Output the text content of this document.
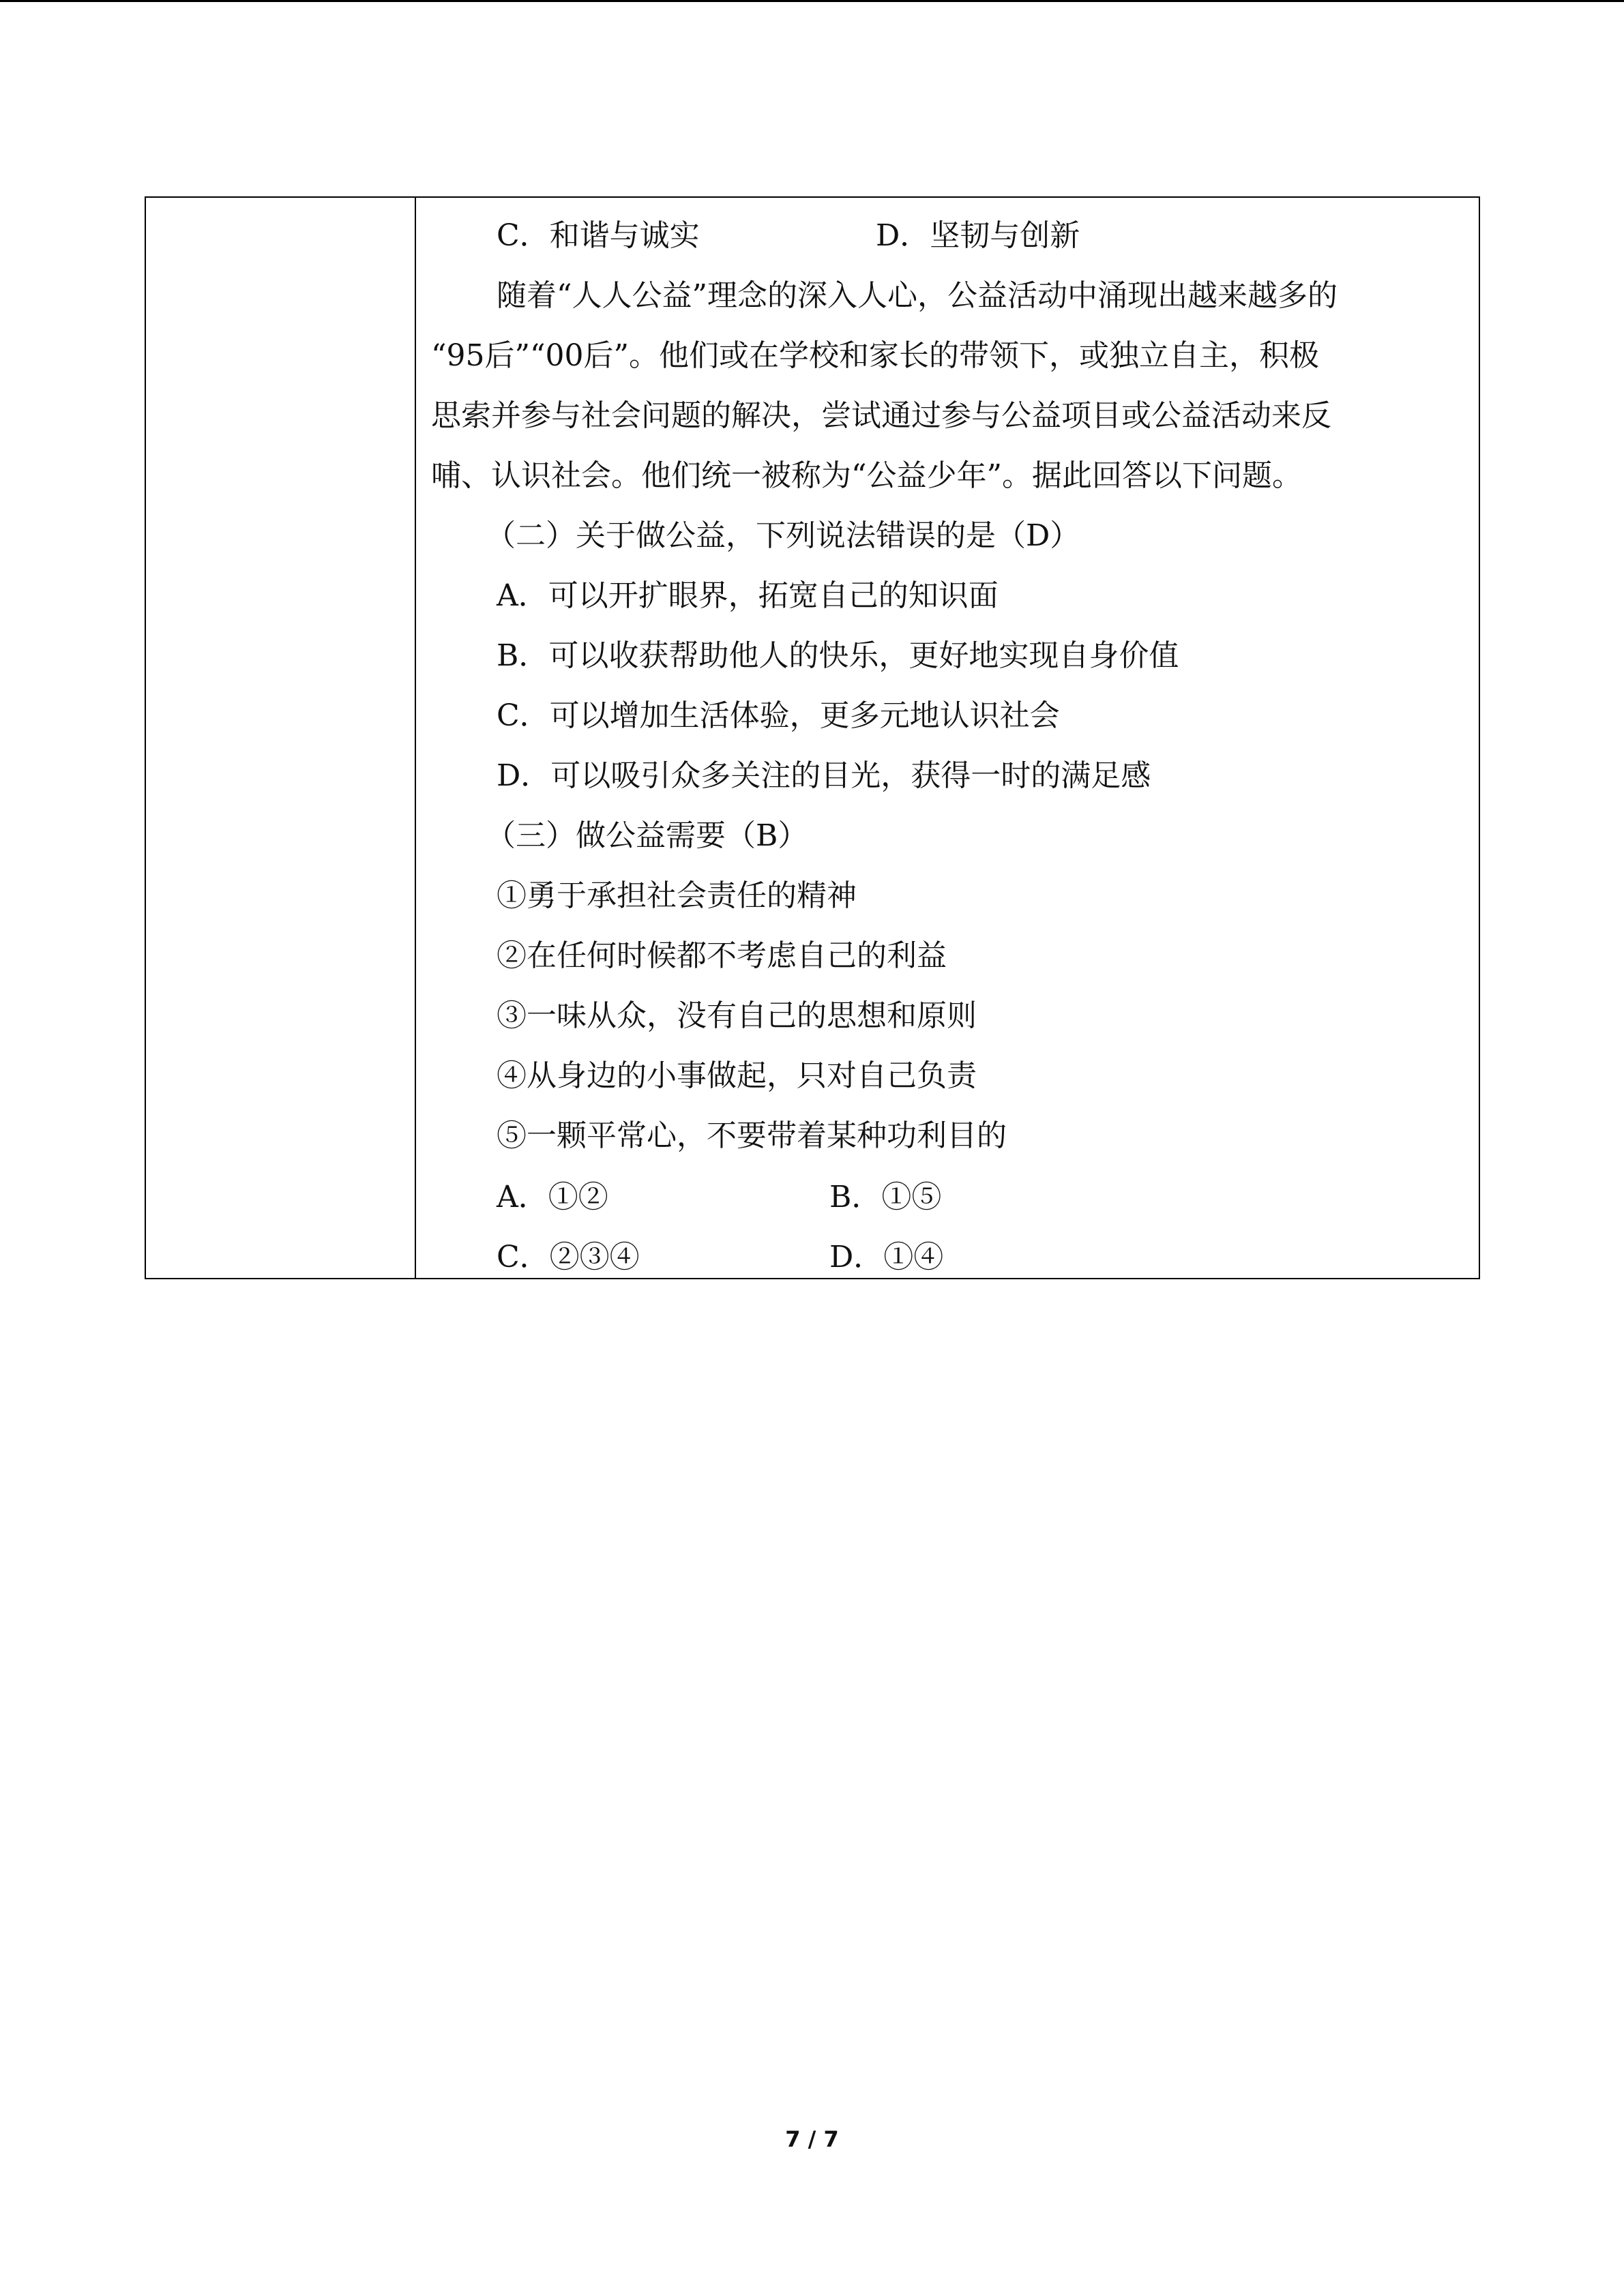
C．和谐与诚实	D．坚韧与创新
随着“人人公益”理念的深入人心，公益活动中涌现出越来越多的
“95后”“00后”。他们或在学校和家长的带领下，或独立自主，积极
思索并参与社会问题的解决，尝试通过参与公益项目或公益活动来反
哺、认识社会。他们统一被称为“公益少年”。据此回答以下问题。
（二）关于做公益，下列说法错误的是（D）
A．可以开扩眼界，拓宽自己的知识面
B．可以收获帮助他人的快乐，更好地实现自身价值
C．可以增加生活体验，更多元地认识社会
D．可以吸引众多关注的目光，获得一时的满足感
（三）做公益需要（B）
①勇于承担社会责任的精神
②在任何时候都不考虑自己的利益
③一味从众，没有自己的思想和原则
④从身边的小事做起，只对自己负责
⑤一颗平常心，不要带着某种功利目的
A．①②	B．①⑤
C．②③④	D．①④
7 / 7
